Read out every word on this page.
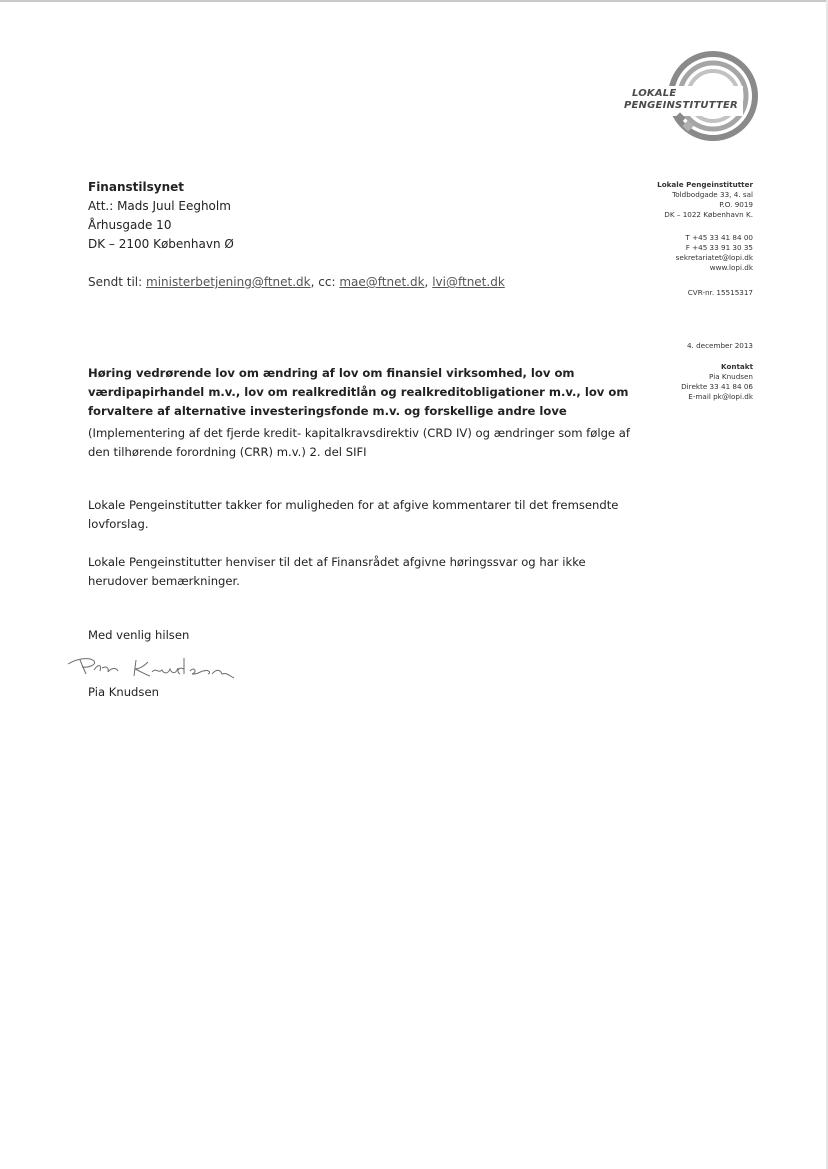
LOKALE
PENGEINSTITUTTER
Lokale Pengeinstitutter
Toldbodgade 33, 4. sal
P.O. 9019
DK – 1022 København K.
T +45 33 41 84 00
F +45 33 91 30 35
sekretariatet@lopi.dk
www.lopi.dk
CVR-nr. 15515317
4. december 2013
Kontakt
Pia Knudsen
Direkte 33 41 84 06
E-mail pk@lopi.dk
Finanstilsynet
Att.: Mads Juul Eegholm
Århusgade 10
DK – 2100 København Ø
Sendt til: ministerbetjening@ftnet.dk, cc: mae@ftnet.dk, lvi@ftnet.dk
Høring vedrørende lov om ændring af lov om finansiel virksomhed, lov om værdipapirhandel m.v., lov om realkreditlån og realkreditobligationer m.v., lov om forvaltere af alternative investeringsfonde m.v. og forskellige andre love
(Implementering af det fjerde kredit- kapitalkravsdirektiv (CRD IV) og ændringer som følge af den tilhørende forordning (CRR) m.v.) 2. del SIFI
Lokale Pengeinstitutter takker for muligheden for at afgive kommentarer til det fremsendte lovforslag.
Lokale Pengeinstitutter henviser til det af Finansrådet afgivne høringssvar og har ikke herudover bemærkninger.
Med venlig hilsen
Pia Knudsen
